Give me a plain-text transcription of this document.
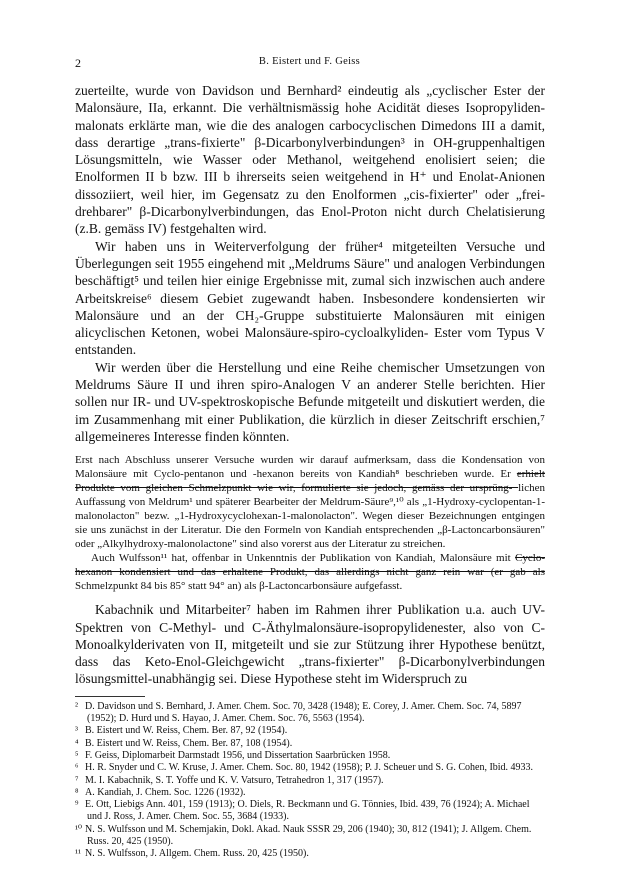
2	B. Eistert und F. Geiss

zuerteilte, wurde von Davidson und Bernhard² eindeutig als „cyclischer Ester der Malonsäure, IIa, erkannt. Die verhältnismässig hohe Acidität dieses Isopropyliden-malonats erklärte man, wie die des analogen carbocyclischen Dimedons III a damit, dass derartige „trans-fixierte" β-Dicarbonylverbindungen³ in OH-gruppenhaltigen Lösungsmitteln, wie Wasser oder Methanol, weitgehend enolisiert seien; die Enolformen II b bzw. III b ihrerseits seien weitgehend in H⁺ und Enolat-Anionen dissoziiert, weil hier, im Gegensatz zu den Enolformen „cis-fixierter" oder „frei-drehbarer" β-Dicarbonylverbindungen, das Enol-Proton nicht durch Chelatisierung (z.B. gemäss IV) festgehalten wird.

Wir haben uns in Weiterverfolgung der früher⁴ mitgeteilten Versuche und Überlegungen seit 1955 eingehend mit „Meldrums Säure" und analogen Verbindungen beschäftigt⁵ und teilen hier einige Ergebnisse mit, zumal sich inzwischen auch andere Arbeitskreise⁶ diesem Gebiet zugewandt haben. Insbesondere kondensierten wir Malonsäure und an der CH₂-Gruppe substituierte Malonsäuren mit einigen alicyclischen Ketonen, wobei Malonsäure-spiro-cycloalkyliden- Ester vom Typus V entstanden.

Wir werden über die Herstellung und eine Reihe chemischer Umsetzungen von Meldrums Säure II und ihren spiro-Analogen V an anderer Stelle berichten. Hier sollen nur IR- und UV-spektroskopische Befunde mitgeteilt und diskutiert werden, die im Zusammenhang mit einer Publikation, die kürzlich in dieser Zeitschrift erschien,⁷ allgemeineres Interesse finden könnten.

Erst nach Abschluss unserer Versuche wurden wir darauf aufmerksam, dass die Kondensation von Malonsäure mit Cyclo-pentanon und -hexanon bereits von Kandiah⁸ beschrieben wurde. Er erhielt Produkte vom gleichen Schmelzpunkt wie wir, formulierte sie jedoch, gemäss der ursprüng- lichen Auffassung von Meldrum¹ und späterer Bearbeiter der Meldrum-Säure⁹,¹⁰ als „1-Hydroxy-cyclopentan-1-malonolacton" bezw. „1-Hydroxycyclohexan-1-malonolacton". Wegen dieser Bezeichnungen entgingen sie uns zunächst in der Literatur. Die den Formeln von Kandiah entsprechenden „β-Lactoncarbonsäuren" oder „Alkylhydroxy-malonolactone" sind also vorerst aus der Literatur zu streichen.
Auch Wulfsson¹¹ hat, offenbar in Unkenntnis der Publikation von Kandiah, Malonsäure mit Cyclo-hexanon kondensiert und das erhaltene Produkt, das allerdings nicht ganz rein war (er gab als Schmelzpunkt 84 bis 85° statt 94° an) als β-Lactoncarbonsäure aufgefasst.

Kabachnik und Mitarbeiter⁷ haben im Rahmen ihrer Publikation u.a. auch UV-Spektren von C-Methyl- und C-Äthylmalonsäure-isopropylidenester, also von C-Monoalkylderivaten von II, mitgeteilt und sie zur Stützung ihrer Hypothese benützt, dass das Keto-Enol-Gleichgewicht „trans-fixierter" β-Dicarbonylverbindungen lösungsmittel-unabhängig sei. Diese Hypothese steht im Widerspruch zu

² D. Davidson und S. Bernhard, J. Amer. Chem. Soc. 70, 3428 (1948); E. Corey, J. Amer. Chem. Soc. 74, 5897 (1952); D. Hurd und S. Hayao, J. Amer. Chem. Soc. 76, 5563 (1954).
³ B. Eistert und W. Reiss, Chem. Ber. 87, 92 (1954).
⁴ B. Eistert und W. Reiss, Chem. Ber. 87, 108 (1954).
⁵ F. Geiss, Diplomarbeit Darmstadt 1956, und Dissertation Saarbrücken 1958.
⁶ H. R. Snyder und C. W. Kruse, J. Amer. Chem. Soc. 80, 1942 (1958); P. J. Scheuer und S. G. Cohen, Ibid. 4933.
⁷ M. I. Kabachnik, S. T. Yoffe und K. V. Vatsuro, Tetrahedron 1, 317 (1957).
⁸ A. Kandiah, J. Chem. Soc. 1226 (1932).
⁹ E. Ott, Liebigs Ann. 401, 159 (1913); O. Diels, R. Beckmann und G. Tönnies, Ibid. 439, 76 (1924); A. Michael und J. Ross, J. Amer. Chem. Soc. 55, 3684 (1933).
¹⁰ N. S. Wulfsson und M. Schemjakin, Dokl. Akad. Nauk SSSR 29, 206 (1940); 30, 812 (1941); J. Allgem. Chem. Russ. 20, 425 (1950).
¹¹ N. S. Wulfsson, J. Allgem. Chem. Russ. 20, 425 (1950).
